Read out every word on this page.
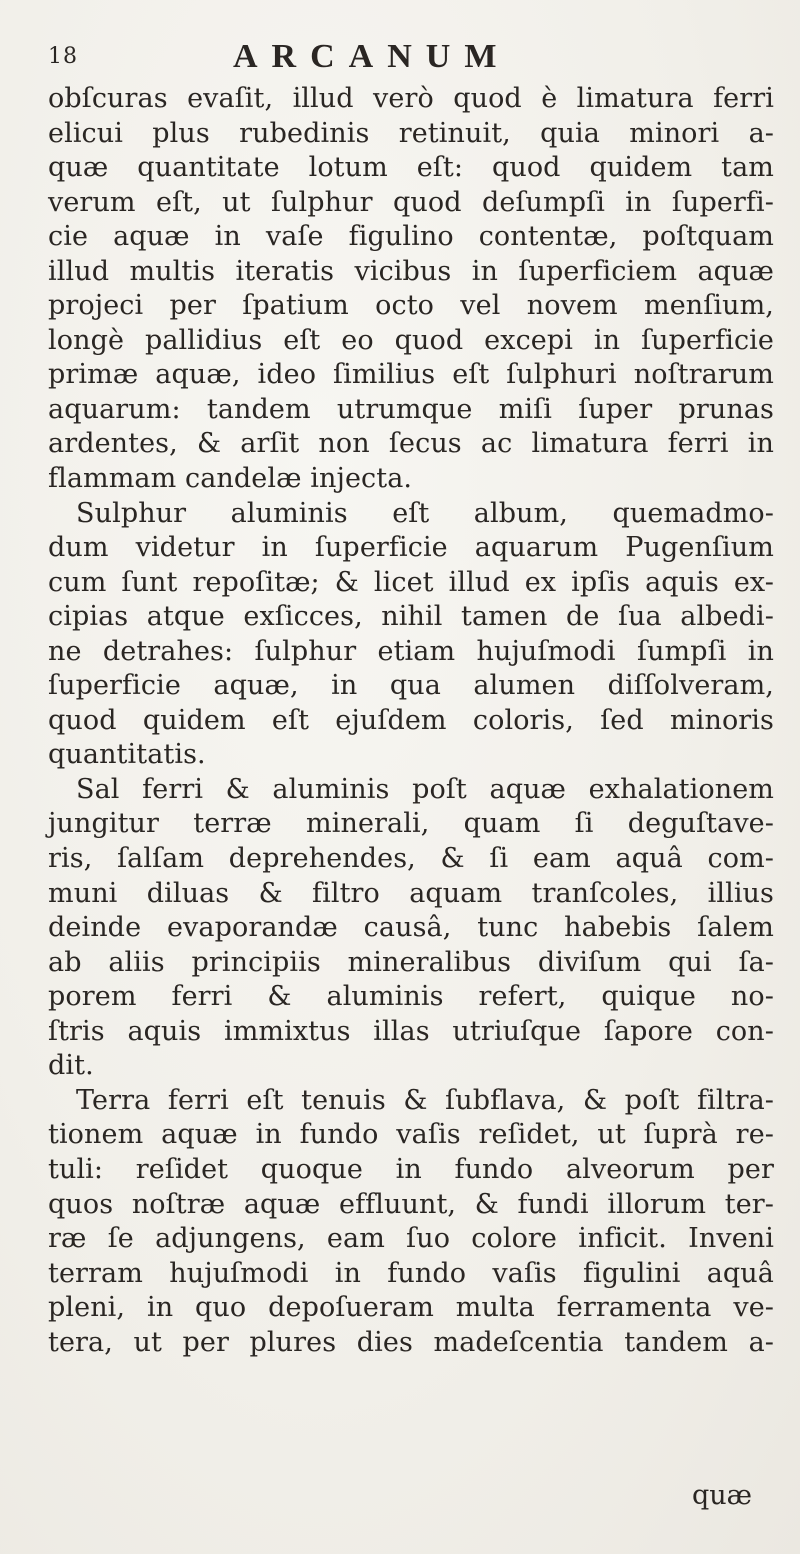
18	ARCANUM
obſcuras evaſit, illud verò quod è limatura ferri
elicui plus rubedinis retinuit, quia minori a-
quæ quantitate lotum eſt: quod quidem tam
verum eſt, ut ſulphur quod deſumpſi in ſuperfi-
cie aquæ in vaſe figulino contentæ, poſtquam
illud multis iteratis vicibus in ſuperficiem aquæ
projeci per ſpatium octo vel novem menſium,
longè pallidius eſt eo quod excepi in ſuperficie
primæ aquæ, ideo ſimilius eſt ſulphuri noſtrarum
aquarum: tandem utrumque miſi ſuper prunas
ardentes, & arſit non ſecus ac limatura ferri in
flammam candelæ injecta.
Sulphur aluminis eſt album, quemadmo-
dum videtur in ſuperficie aquarum Pugenſium
cum ſunt repoſitæ; & licet illud ex ipſis aquis ex-
cipias atque exſicces, nihil tamen de ſua albedi-
ne detrahes: ſulphur etiam hujuſmodi ſumpſi in
ſuperficie aquæ, in qua alumen diſſolveram,
quod quidem eſt ejuſdem coloris, ſed minoris
quantitatis.
Sal ferri & aluminis poſt aquæ exhalationem
jungitur terræ minerali, quam ſi deguſtave-
ris, ſalſam deprehendes, & ſi eam aquâ com-
muni diluas & filtro aquam tranſcoles, illius
deinde evaporandæ causâ, tunc habebis ſalem
ab aliis principiis mineralibus diviſum qui ſa-
porem ferri & aluminis refert, quique no-
ſtris aquis immixtus illas utriuſque ſapore con-
dit.
Terra ferri eſt tenuis & ſubflava, & poſt filtra-
tionem aquæ in fundo vaſis reſidet, ut ſuprà re-
tuli: reſidet quoque in fundo alveorum per
quos noſtræ aquæ effluunt, & fundi illorum ter-
ræ ſe adjungens, eam ſuo colore inficit. Inveni
terram hujuſmodi in fundo vaſis figulini aquâ
pleni, in quo depoſueram multa ferramenta ve-
tera, ut per plures dies madeſcentia tandem a-
quæ
